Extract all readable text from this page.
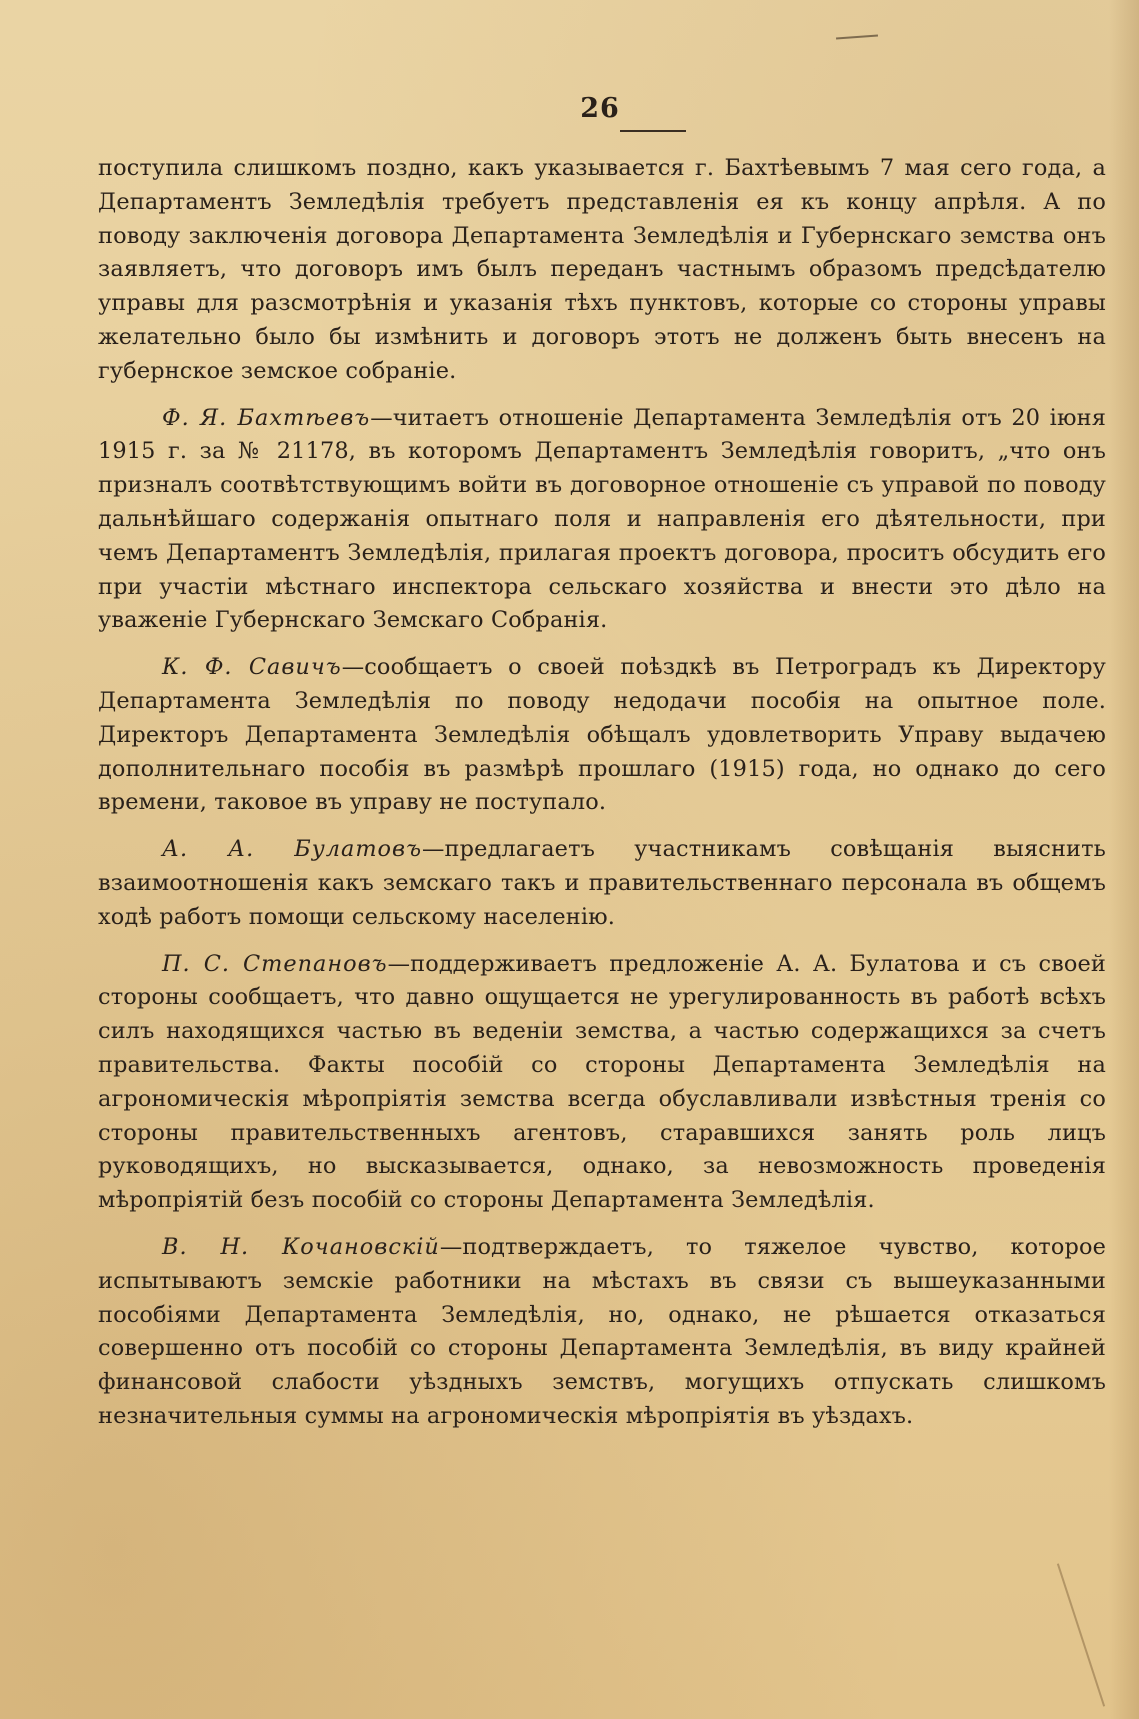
26

поступила слишкомъ поздно, какъ указывается г. Бахтѣевымъ 7 мая сего года, а Департаментъ Земледѣлія требуетъ представленія ея къ концу апрѣля. А по поводу заключенія договора Департамента Земледѣлія и Губернскаго земства онъ заявляетъ, что договоръ имъ былъ переданъ частнымъ образомъ предсѣдателю управы для разсмотрѣнія и указанія тѣхъ пунктовъ, которые со стороны управы желательно было бы измѣнить и договоръ этотъ не долженъ быть внесенъ на губернское земское собраніе.

Ф. Я. Бахтѣевъ—читаетъ отношеніе Департамента Земледѣлія отъ 20 іюня 1915 г. за № 21178, въ которомъ Департаментъ Земледѣлія говоритъ, „что онъ призналъ соотвѣтствующимъ войти въ договорное отношеніе съ управой по поводу дальнѣйшаго содержанія опытнаго поля и направленія его дѣятельности, при чемъ Департаментъ Земледѣлія, прилагая проектъ договора, проситъ обсудить его при участіи мѣстнаго инспектора сельскаго хозяйства и внести это дѣло на уваженіе Губернскаго Земскаго Собранія.

К. Ф. Савичъ—сообщаетъ о своей поѣздкѣ въ Петроградъ къ Директору Департамента Земледѣлія по поводу недодачи пособія на опытное поле. Директоръ Департамента Земледѣлія обѣщалъ удовлетворить Управу выдачею дополнительнаго пособія въ размѣрѣ прошлаго (1915) года, но однако до сего времени, таковое въ управу не поступало.

А. А. Булатовъ—предлагаетъ участникамъ совѣщанія выяснить взаимоотношенія какъ земскаго такъ и правительственнаго персонала въ общемъ ходѣ работъ помощи сельскому населенію.

П. С. Степановъ—поддерживаетъ предложеніе А. А. Булатова и съ своей стороны сообщаетъ, что давно ощущается не урегулированность въ работѣ всѣхъ силъ находящихся частью въ веденіи земства, а частью содержащихся за счетъ правительства. Факты пособій со стороны Департамента Земледѣлія на агрономическія мѣропріятія земства всегда обуславливали извѣстныя тренія со стороны правительственныхъ агентовъ, старавшихся занять роль лицъ руководящихъ, но высказывается, однако, за невозможность проведенія мѣропріятій безъ пособій со стороны Департамента Земледѣлія.

В. Н. Кочановскій—подтверждаетъ, то тяжелое чувство, которое испытываютъ земскіе работники на мѣстахъ въ связи съ вышеуказанными пособіями Департамента Земледѣлія, но, однако, не рѣшается отказаться совершенно отъ пособій со стороны Департамента Земледѣлія, въ виду крайней финансовой слабости уѣздныхъ земствъ, могущихъ отпускать слишкомъ незначительныя суммы на агрономическія мѣропріятія въ уѣздахъ.
